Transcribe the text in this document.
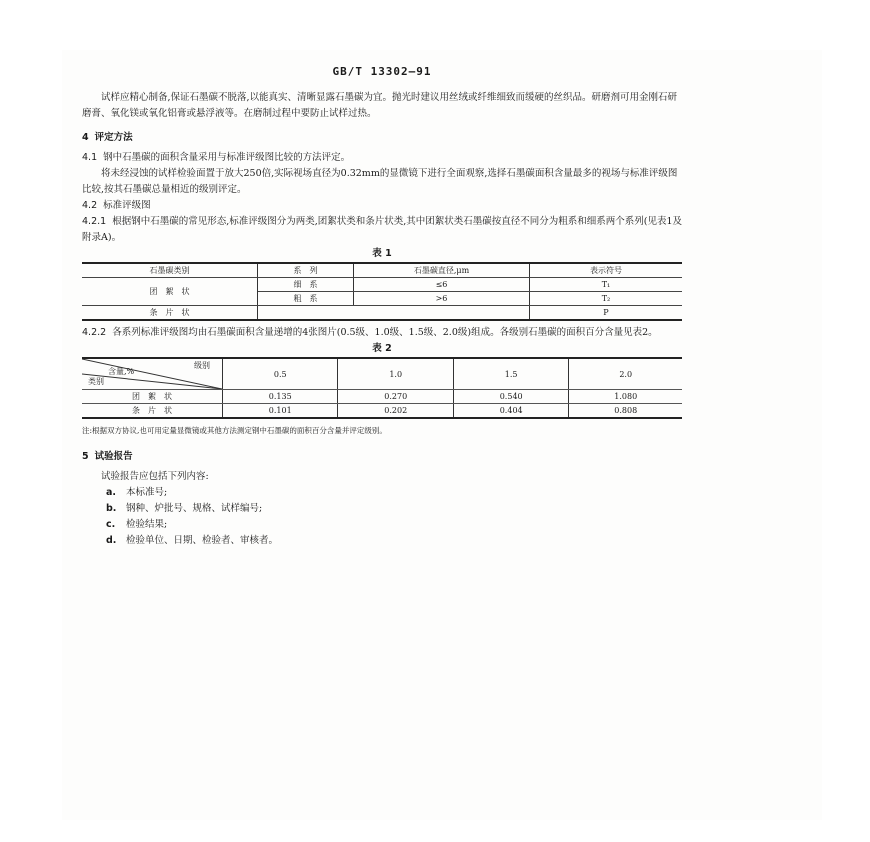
GB/T 13302—91

试样应精心制备,保证石墨碳不脱落,以能真实、清晰显露石墨碳为宜。抛光时建议用丝绒或纤维细致而缓硬的丝织品。研磨剂可用金刚石研磨膏、氧化镁或氧化铝膏或悬浮液等。在磨制过程中要防止试样过热。

4 评定方法

4.1 钢中石墨碳的面积含量采用与标准评级图比较的方法评定。

将未经浸蚀的试样检验面置于放大250倍,实际视场直径为0.32mm的显微镜下进行全面观察,选择石墨碳面积含量最多的视场与标准评级图比较,按其石墨碳总量相近的级别评定。

4.2 标准评级图

4.2.1 根据钢中石墨碳的常见形态,标准评级图分为两类,团絮状类和条片状类,其中团絮状类石墨碳按直径不同分为粗系和细系两个系列(见表1及附录A)。

表 1

石墨碳类别	系　列	石墨碳直径,μm	表示符号
团　絮　状	细　系	≤6	T₁
	粗　系	>6	T₂
条　片　状			P

4.2.2 各系列标准评级图均由石墨碳面积含量递增的4张图片(0.5级、1.0级、1.5级、2.0级)组成。各级别石墨碳的面积百分含量见表2。

表 2

级别
含量,%
类别	0.5	1.0	1.5	2.0
团　絮　状	0.135	0.270	0.540	1.080
条　片　状	0.101	0.202	0.404	0.808

注:根据双方协议,也可用定量显微镜或其他方法测定钢中石墨碳的面积百分含量并评定级别。

5 试验报告

试验报告应包括下列内容:

a. 本标准号;
b. 钢种、炉批号、规格、试样编号;
c. 检验结果;
d. 检验单位、日期、检验者、审核者。
